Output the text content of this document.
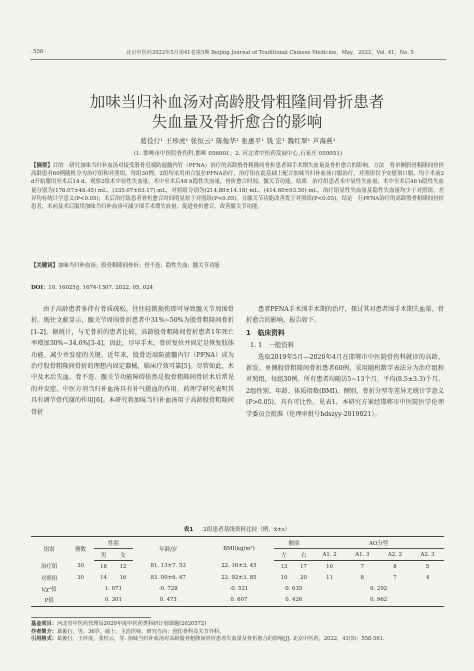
· 558 ·	北京中医药2022年5月第41卷第5期 Beijing Journal of Traditional Chinese Medicine，May，2022，Vol. 41，No. 5
加味当归补血汤对高龄股骨粗隆间骨折患者
失血量及骨折愈合的影响
葛役行¹ 王珍虎¹ 张恒云¹ 陈俊华¹ 张惠平¹ 钱 宏¹ 魏红翠¹ 芦海燕¹
(1. 邯郸市中医院骨伤科,邯郸 056001；2. 河北省中医药发展中心,石家庄 050051)
【摘要】目的　研究加味当归补血汤对接受股骨近端防旋髓内钉（PFNA）治疗的高龄股骨粗隆间骨折患者围手术期失血量及骨折愈合的影响。方法　将单侧股骨粗隆间骨折高龄患者60例随机分为治疗组和对照组，每组30例。2组均采用闭合复位PFNA治疗，治疗组在此基础上配合加味当归补血汤口服治疗，对照组仅予安慰剂口服，均于术前2 d开始服用至术后14 d。观察2组术中显性失血量、术中至术后48 h隐性失血量，骨折愈合时间、髋关节功能。结果　治疗组患者术中显性失血量、术中至术后48 h隐性失血量分别为(176.07±48.45) mL、(335.07±63.17) mL，对照组分别为(214.80±14.18) mL、(414.60±93.50) mL，治疗组显性失血量及隐性失血量均少于对照组，差异均有统计学意义(P<0.05)；术后治疗组患者骨折愈合时间明显短于对照组(P<0.05)，且髋关节功能改善优于对照组(P<0.05)。结论　行PFNA治疗的高龄股骨粗隆间骨折患者，术前及术后服用加味当归补血汤可减少围手术期失血量，促进骨折愈合，改善髋关节功能。
【关键词】加味当归补血汤；股骨粗隆间骨折；骨不连；隐性失血；髋关节功能
DOI：10. 16025/j. 1674-1307. 2022. 05. 024

由于高龄患者多伴有骨质疏松，往往轻微损伤即可导致髋关节周围骨折。既往文献显示，髋关节周围骨折患者中31%~50%为股骨粗隆间骨折[1-2]。据统计，与无骨折的患者比较，高龄股骨粗隆间骨折患者1年死亡率增加30%~34.6%[3-4]。因此，尽早手术、骨折复位并固定是恢复肢体功能、减少并发症的关键。近年来，股骨近端防旋髓内钉（PFNA）成为治疗股骨粗隆间骨折的理想内固定器械，临床疗效可靠[5]。尽管如此，术中及术后失血、骨不连、髋关节功能障碍依然是股骨粗隆间骨折术后常见的并发症。中医方剂当归补血汤具有补气摄血的作用，药理学研究表明其具有调节骨代谢的作用[6]。本研究将加味当归补血汤用于高龄股骨粗隆间骨折

患者PFNA手术围手术期的治疗，探讨其对患者围手术期失血量、骨折愈合的影响，报告如下。

1　临床资料
1. 1　一般资料

选取2019年5月—2020年4月在邯郸市中医院骨伤科就诊的高龄、新发、单侧股骨粗隆间骨折患者60例。采用随机数字表法分为治疗组和对照组，每组30例。所有患者均随访5~13个月，平均(8.5±3.3)个月。2组性别、年龄、体质指数(BMI)、侧别、骨折分型等差异无统计学意义(P>0.05)，具有可比性。见表1。本研究方案经邯郸市中医院医学伦理学委员会批准（伦理审批号hdszyy-2019021）。

表1 2组患者基线资料比较（例，x̄±s）
组别	例数	性别		年龄/岁	BMI(kg/m²)	侧别		AO分型			
		男	女			左	右	A1. 2	A1. 3	A2. 2	A2. 3
治疗组	30	18	12	81. 13±7. 53	22. 16±3. 45	13	17	10	7	8	5
对照组	30	14	16	83. 00±6. 47	22. 92±3. 85	10	20	11	8	7	4
t/χ²值		1. 071		-0. 728	-0. 521	0. 635		0. 292			
P值		0. 301		0. 473	0. 607	0. 426		0. 962			
基金项目：河北省中医药管理局2020年度中医药类科研计划课题(2020572)
作者简介：葛俊行，男，36岁，硕士，主治医师。研究方向：创伤骨科及关节外科。
引用格式：葛俊行，王珍虎，张恒云，等. 加味当归补血汤对高龄股骨粗隆间骨折患者失血量及骨折愈合的影响[J]. 北京中医药，2022，41(5)：558-561.
